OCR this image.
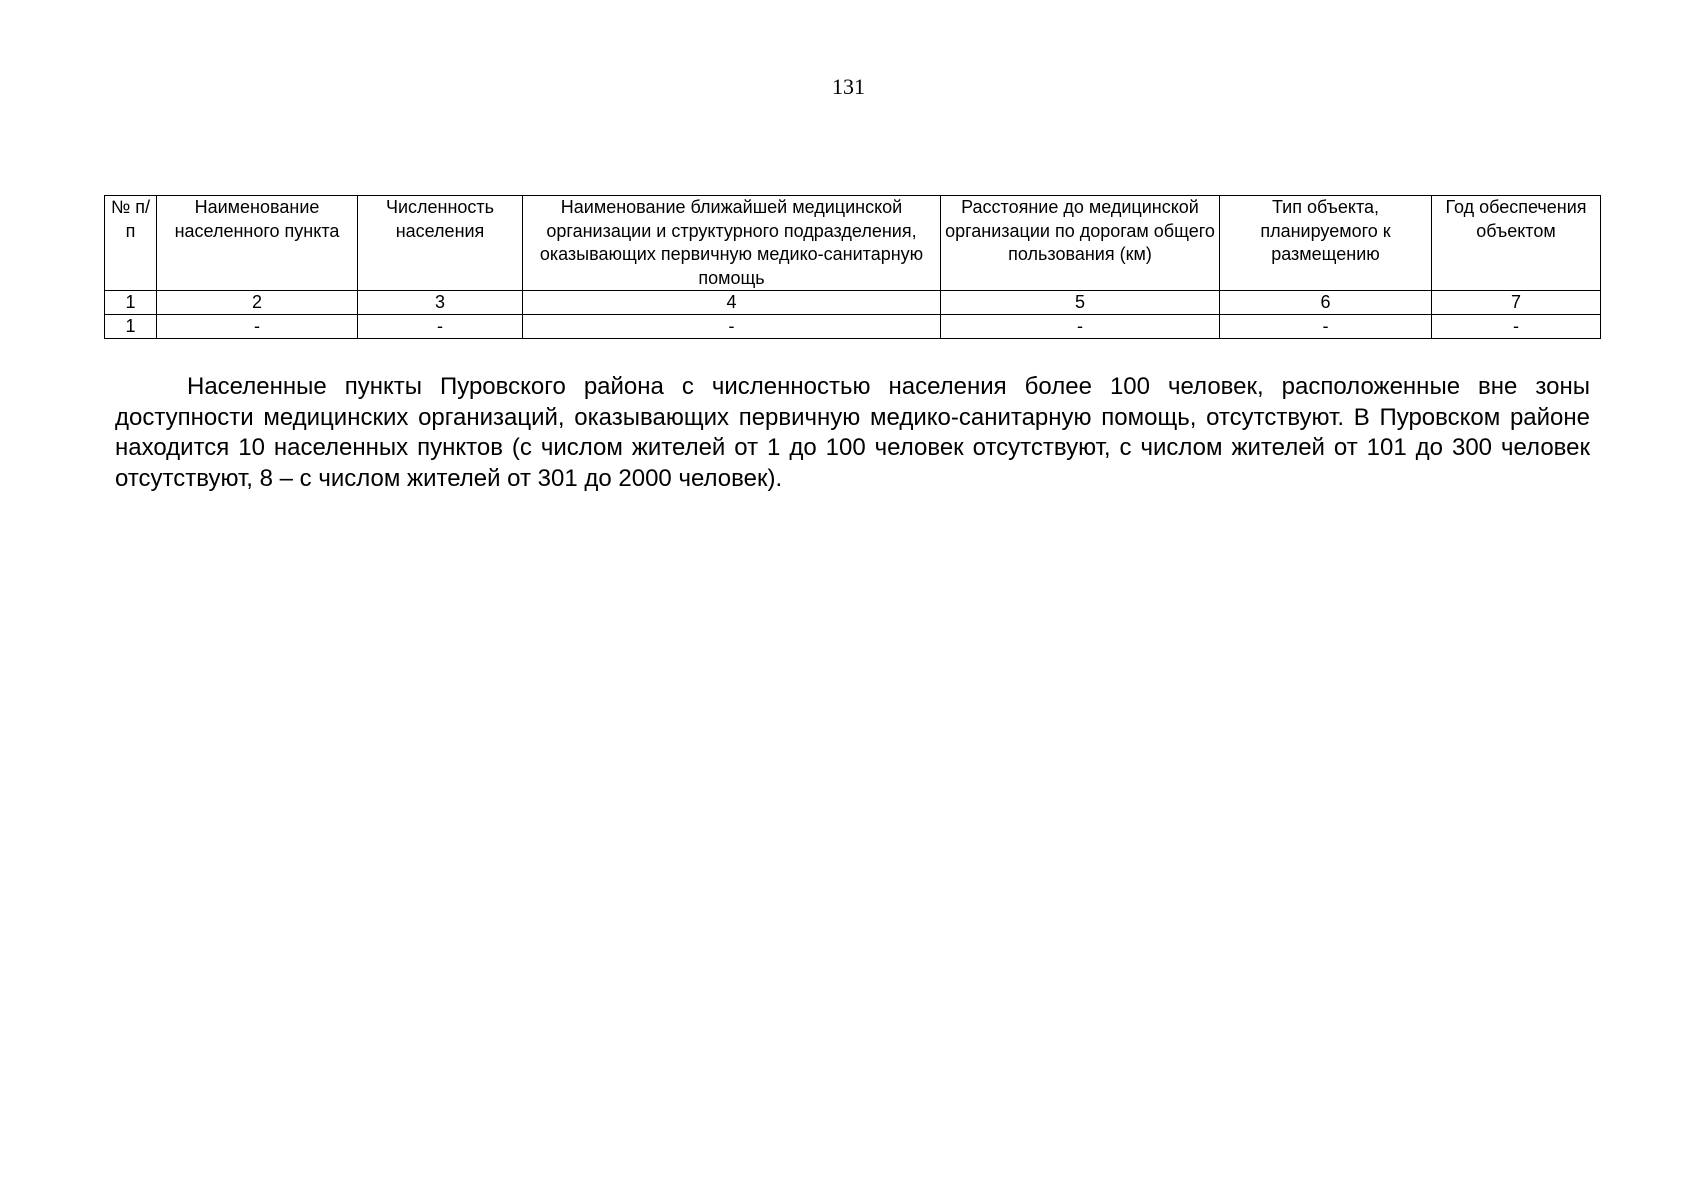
131
№ п/п	Наименование населенного пункта	Численность населения	Наименование ближайшей медицинской организации и структурного подразделения, оказывающих первичную медико-санитарную помощь	Расстояние до медицинской организации по дорогам общего пользования (км)	Тип объекта, планируемого к размещению	Год обеспечения объектом
1	2	3	4	5	6	7
1	-	-	-	-	-	-

Населенные пункты Пуровского района с численностью населения более 100 человек, расположенные вне зоны доступности медицинских организаций, оказывающих первичную медико-санитарную помощь, отсутствуют. В Пуровском районе находится 10 населенных пунктов (с числом жителей от 1 до 100 человек отсутствуют, с числом жителей от 101 до 300 человек отсутствуют, 8 – с числом жителей от 301 до 2000 человек).
